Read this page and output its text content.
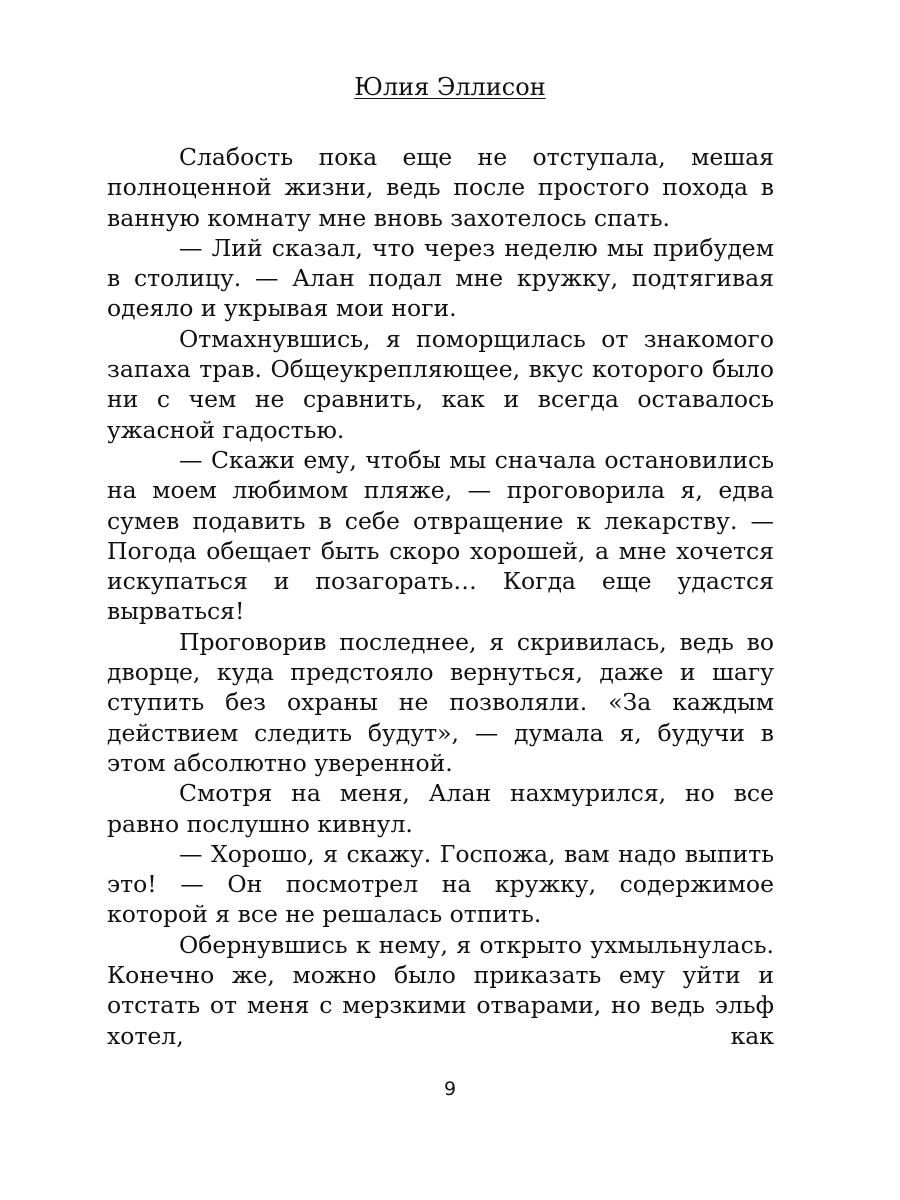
Юлия Эллисон

Слабость пока еще не отступала, мешая полноценной жизни, ведь после простого похода в ванную комнату мне вновь захотелось спать.

— Лий сказал, что через неделю мы прибудем в столицу. — Алан подал мне кружку, подтягивая одеяло и укрывая мои ноги.

Отмахнувшись, я поморщилась от знакомого запаха трав. Общеукрепляющее, вкус которого было ни с чем не сравнить, как и всегда оставалось ужасной гадостью.

— Скажи ему, чтобы мы сначала остановились на моем любимом пляже, — проговорила я, едва сумев подавить в себе отвращение к лекарству. — Погода обещает быть скоро хорошей, а мне хочется искупаться и позагорать… Когда еще удастся вырваться!

Проговорив последнее, я скривилась, ведь во дворце, куда предстояло вернуться, даже и шагу ступить без охраны не позволяли. «За каждым действием следить будут», — думала я, будучи в этом абсолютно уверенной.

Смотря на меня, Алан нахмурился, но все равно послушно кивнул.

— Хорошо, я скажу. Госпожа, вам надо выпить это! — Он посмотрел на кружку, содержимое которой я все не решалась отпить.

Обернувшись к нему, я открыто ухмыльнулась. Конечно же, можно было приказать ему уйти и отстать от меня с мерзкими отварами, но ведь эльф хотел, как

9
